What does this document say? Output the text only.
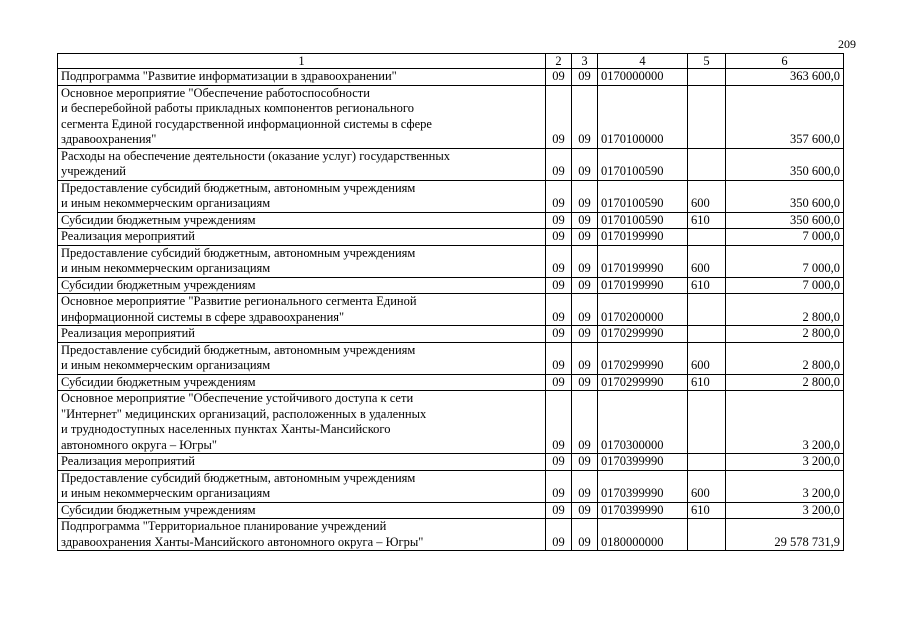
209
1	2	3	4	5	6
Подпрограмма "Развитие информатизации в здравоохранении"	09	09	0170000000		363 600,0
Основное мероприятие "Обеспечение работоспособности
и бесперебойной работы прикладных компонентов регионального
сегмента Единой государственной информационной системы в сфере
здравоохранения"	09	09	0170100000		357 600,0
Расходы на обеспечение деятельности (оказание услуг) государственных
учреждений	09	09	0170100590		350 600,0
Предоставление субсидий бюджетным, автономным учреждениям
и иным некоммерческим организациям	09	09	0170100590	600	350 600,0
Субсидии бюджетным учреждениям	09	09	0170100590	610	350 600,0
Реализация мероприятий	09	09	0170199990		7 000,0
Предоставление субсидий бюджетным, автономным учреждениям
и иным некоммерческим организациям	09	09	0170199990	600	7 000,0
Субсидии бюджетным учреждениям	09	09	0170199990	610	7 000,0
Основное мероприятие "Развитие регионального сегмента Единой
информационной системы в сфере здравоохранения"	09	09	0170200000		2 800,0
Реализация мероприятий	09	09	0170299990		2 800,0
Предоставление субсидий бюджетным, автономным учреждениям
и иным некоммерческим организациям	09	09	0170299990	600	2 800,0
Субсидии бюджетным учреждениям	09	09	0170299990	610	2 800,0
Основное мероприятие "Обеспечение устойчивого доступа к сети
"Интернет" медицинских организаций, расположенных в удаленных
и труднодоступных населенных пунктах Ханты-Мансийского
автономного округа – Югры"	09	09	0170300000		3 200,0
Реализация мероприятий	09	09	0170399990		3 200,0
Предоставление субсидий бюджетным, автономным учреждениям
и иным некоммерческим организациям	09	09	0170399990	600	3 200,0
Субсидии бюджетным учреждениям	09	09	0170399990	610	3 200,0
Подпрограмма "Территориальное планирование учреждений
здравоохранения Ханты-Мансийского автономного округа – Югры"	09	09	0180000000		29 578 731,9
